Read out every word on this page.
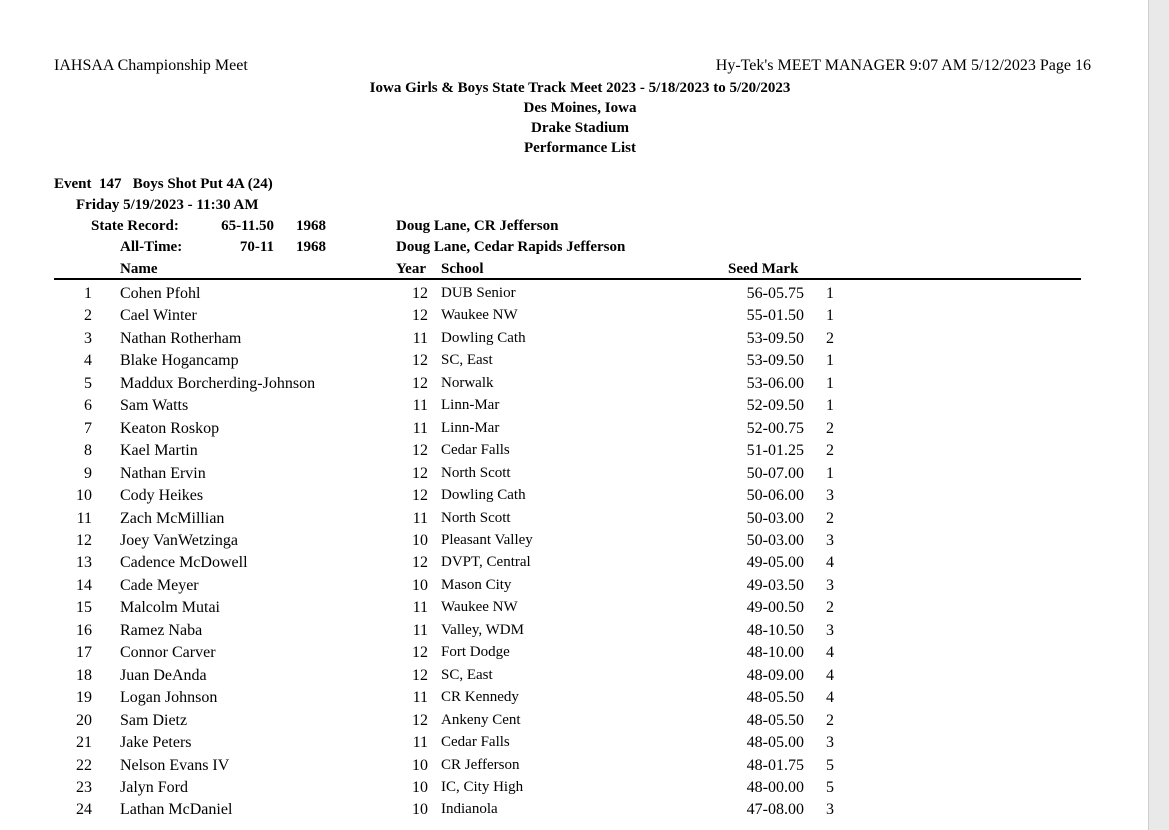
IAHSAA Championship Meet	Hy-Tek's MEET MANAGER 9:07 AM 5/12/2023 Page 16
Iowa Girls & Boys State Track Meet 2023 - 5/18/2023 to 5/20/2023
Des Moines, Iowa
Drake Stadium
Performance List
Event  147   Boys Shot Put 4A (24)
Friday 5/19/2023 - 11:30 AM
State Record:	65-11.50 1968	Doug Lane, CR Jefferson
All-Time:	70-11 1968	Doug Lane, Cedar Rapids Jefferson
Name	Year School	Seed Mark
1 Cohen Pfohl	12 DUB Senior	56-05.75 1
2 Cael Winter	12 Waukee NW	55-01.50 1
3 Nathan Rotherham	11 Dowling Cath	53-09.50 2
4 Blake Hogancamp	12 SC, East	53-09.50 1
5 Maddux Borcherding-Johnson	12 Norwalk	53-06.00 1
6 Sam Watts	11 Linn-Mar	52-09.50 1
7 Keaton Roskop	11 Linn-Mar	52-00.75 2
8 Kael Martin	12 Cedar Falls	51-01.25 2
9 Nathan Ervin	12 North Scott	50-07.00 1
10 Cody Heikes	12 Dowling Cath	50-06.00 3
11 Zach McMillian	11 North Scott	50-03.00 2
12 Joey VanWetzinga	10 Pleasant Valley	50-03.00 3
13 Cadence McDowell	12 DVPT, Central	49-05.00 4
14 Cade Meyer	10 Mason City	49-03.50 3
15 Malcolm Mutai	11 Waukee NW	49-00.50 2
16 Ramez Naba	11 Valley, WDM	48-10.50 3
17 Connor Carver	12 Fort Dodge	48-10.00 4
18 Juan DeAnda	12 SC, East	48-09.00 4
19 Logan Johnson	11 CR Kennedy	48-05.50 4
20 Sam Dietz	12 Ankeny Cent	48-05.50 2
21 Jake Peters	11 Cedar Falls	48-05.00 3
22 Nelson Evans IV	10 CR Jefferson	48-01.75 5
23 Jalyn Ford	10 IC, City High	48-00.00 5
24 Lathan McDaniel	10 Indianola	47-08.00 3
